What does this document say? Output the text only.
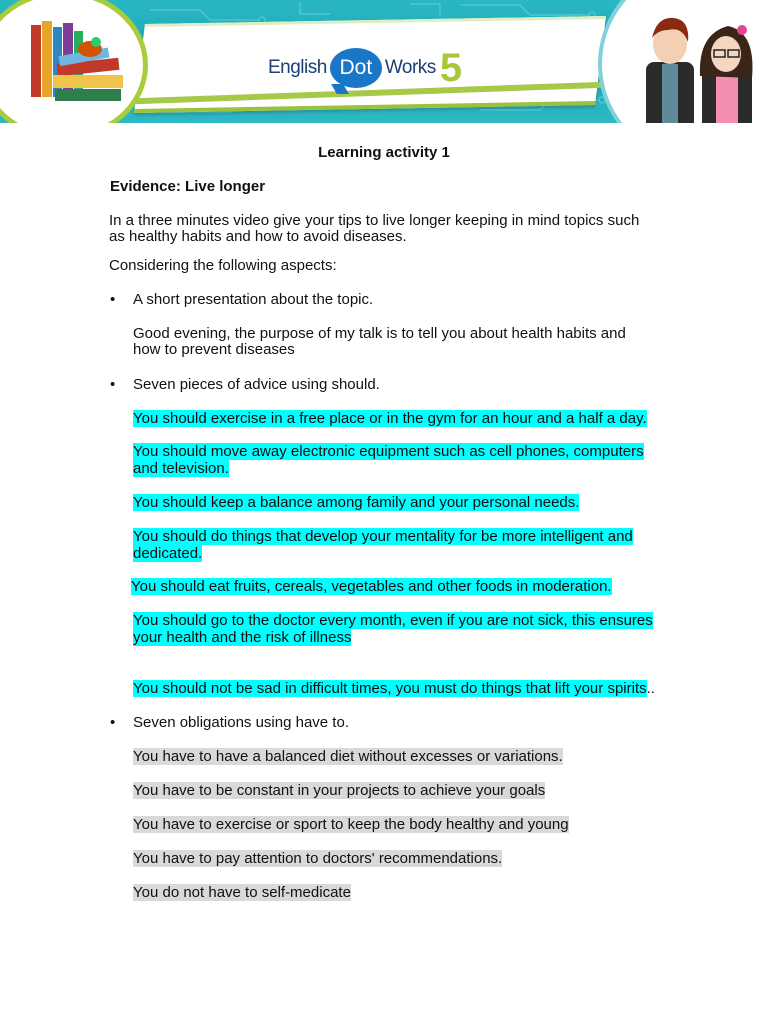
English Dot Works 5
Learning activity 1
Evidence: Live longer
In a three minutes video give your tips to live longer keeping in mind topics such
as healthy habits and how to avoid diseases.
Considering the following aspects:
• A short presentation about the topic.
Good evening, the purpose of my talk is to tell you about health habits and
how to prevent diseases
• Seven pieces of advice using should.
You should exercise in a free place or in the gym for an hour and a half a day.
You should move away electronic equipment such as cell phones, computers
and television.
You should keep a balance among family and your personal needs.
You should do things that develop your mentality for be more intelligent and
dedicated.
You should eat fruits, cereals, vegetables and other foods in moderation.
You should go to the doctor every month, even if you are not sick, this ensures
your health and the risk of illness
You should not be sad in difficult times, you must do things that lift your spirits..
• Seven obligations using have to.
You have to have a balanced diet without excesses or variations.
You have to be constant in your projects to achieve your goals
You have to exercise or sport to keep the body healthy and young
You have to pay attention to doctors' recommendations.
You do not have to self-medicate
